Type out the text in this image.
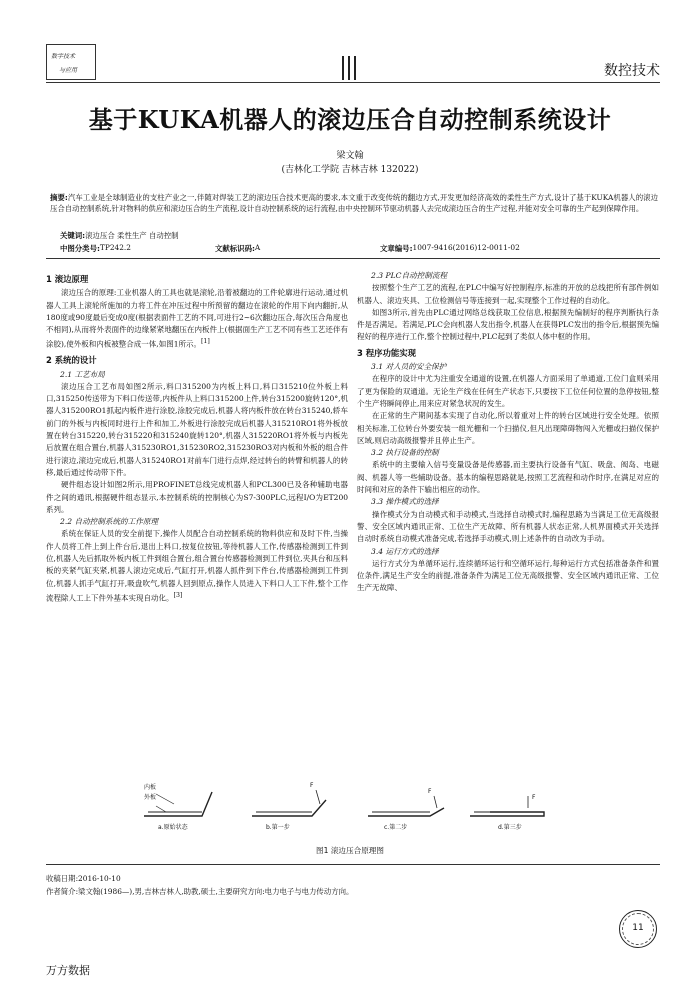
数字技术
与应用	数控技术
基于KUKA机器人的滚边压合自动控制系统设计
梁文翰
(吉林化工学院 吉林吉林 132022)
摘要:汽车工业是全球制造业的支柱产业之一,伴随对焊装工艺的滚边压合技术更高的要求,本文重于改变传统的翻边方式,开发更加经济高效的柔性生产方式,设计了基于KUKA机器人的滚边压合自动控制系统,针对物料的供应和滚边压合的生产流程,设计自动控制系统的运行流程,由中央控制环节驱动机器人去完成滚边压合的生产过程,并能对安全可靠的生产起到保障作用。
关键词:滚边压合 柔性生产 自动控制
中图分类号: TP242.2	文献标识码: A	文章编号: 1007-9416(2016)12-0011-02
1 滚边原理

滚边压合的原理:工业机器人的工具也就是滚轮,沿着被翻边的工件轮廓进行运动,通过机器人工具上滚轮所施加的力将工件在冲压过程中所预留的翻边在滚轮的作用下向内翻折,从180度或90度最后变成0度(根据表面件工艺的不同,可进行2~6次翻边压合,每次压合角度也不相同),从而将外表面件的边缘紧紧地翻压在内板件上(根据面生产工艺不同有些工艺还伴有涂胶),使外板和内板被整合成一体,如图1所示。[1]

2 系统的设计
2.1 工艺布局

滚边压合工艺布局如图2所示,料口315200为内板上料口,料口315210位外板上料口,315250传送带为下料口传送带,内板件从上料口315200上件,转台315200旋转120°,机器人315200RO1抓起内板件进行涂胶,涂胶完成后,机器人将内板件放在转台315240,轿车前门的外板与内板同时进行上件和加工,外板进行涂胶完成后机器人315210RO1将外板放置在转台315220,转台315220和315240旋转120°,机器人315220RO1将外板与内板先后放置在组合置台,机器人315230RO1,315230RO2,315230RO3对内板和外板的组合件进行滚边,滚边完成后,机器人315240RO1对前车门进行点焊,经过转台的转臂和机器人的转移,最后通过传动带下件。

硬件组态设计如图2所示,用PROFINET总线完成机器人和PCL300已及各种辅助电器件之间的通讯,根据硬件组态显示,本控制系统的控制核心为S7-300PLC,远程I/O为ET200系列。

2.2 自动控制系统的工作原理

系统在保证人员的安全前提下,操作人员配合自动控制系统的物料供应和及时下件,当操作人员将工件上到上件台后,退出上料口,按复位按钮,等待机器人工作,传感器检测到工件到位,机器人先后抓取外板内板工件到组合置台,组合置台传感器检测到工件到位,夹具台和压料板的夹紧气缸夹紧,机器人滚边完成后,气缸打开,机器人抓件到下件台,传感器检测到工件到位,机器人抓手气缸打开,吸盘吹气,机器人回到原点,操作人员进入下料口人工下件,整个工作流程除人工上下件外基本实现自动化。[3]

2.3 PLC自动控制流程

按照整个生产工艺的流程,在PLC中编写好控制程序,标准的开放的总线把所有部件例如机器人、滚边夹具、工位检测信号等连接到一起,实现整个工作过程的自动化。

如图3所示,首先由PLC通过网络总线获取工位信息,根据预先编制好的程序判断执行条件是否满足。若满足,PLC会向机器人发出指令,机器人在获得PLC发出的指令后,根据预先编程好的程序进行工作,整个控制过程中,PLC起到了类似人体中枢的作用。

3 程序功能实现
3.1 对人员的安全保护

在程序的设计中尤为注重安全通道的设置,在机器人方面采用了单通道,工位门盒则采用了更为保险的双通道。无论生产线在任何生产状态下,只要按下工位任何位置的急停按钮,整个生产将瞬间停止,用来应对紧急状况的发生。

在正常的生产期间基本实现了自动化,所以着重对上件的转台区域进行安全处理。依照相关标准,工位转台外要安装一组光栅和一个扫描仪,但凡出现障碍物闯入光栅或扫描仪保护区域,则启动高级报警并且停止生产。

3.2 执行设备的控制

系统中的主要输入信号变量设备是传感器,而主要执行设备有气缸、吸盘、阀岛、电磁阀、机器人等一些辅助设备。基本的编程思路就是,按照工艺流程和动作时序,在满足对应的时间和对应的条件下输出相应的动作。

3.3 操作模式的选择

操作模式分为自动模式和手动模式,当选择自动模式时,编程思路为当满足工位无高级报警、安全区域内通讯正常、工位生产无故障、所有机器人状态正常,人机界面模式开关选择自动时系统自动模式准备完成,若选择手动模式,则上述条件的自动改为手动。

3.4 运行方式的选择

运行方式分为单循环运行,连续循环运行和空循环运行,每种运行方式包括准备条件和置位条件,满足生产安全的前提,准备条件为满足工位无高级报警、安全区域内通讯正常、工位生产无故障、

内板
外板
F
F
F
a.原始状态	b.第一步	c.第二步	d.第三步
图1 滚边压合原理图
收稿日期:2016-10-10
作者简介:梁文翰(1986—),男,吉林吉林人,助教,硕士,主要研究方向:电力电子与电力传动方向。
11
万方数据
